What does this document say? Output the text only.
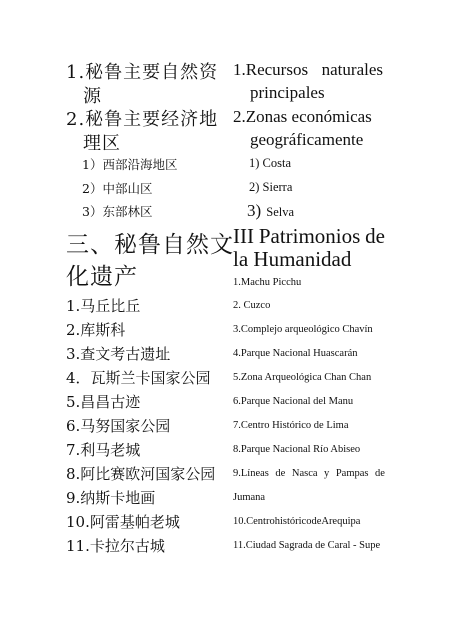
1.秘鲁主要自然资
源
2.秘鲁主要经济地
理区
1）西部沿海地区
2）中部山区
3）东部林区
三、秘鲁自然文
化遗产
1.马丘比丘
2.库斯科
3.查文考古遗址
4．瓦斯兰卡国家公园
5.昌昌古迹
6.马努国家公园
7.利马老城
8.阿比赛欧河国家公园
9.纳斯卡地画
10.阿雷基帕老城
11.卡拉尔古城
1.Recursos naturales
principales
2.Zonas económicas
geográficamente
1) Costa
2) Sierra
3) Selva
III Patrimonios de
la Humanidad
1.Machu Picchu
2. Cuzco
3.Complejo arqueológico Chavín
4.Parque Nacional Huascarán
5.Zona Arqueológica Chan Chan
6.Parque Nacional del Manu
7.Centro Histórico de Lima
8.Parque Nacional Río Abiseo
9.Líneas de Nasca y Pampas de
Jumana
10.CentrohistóricodeArequipa
11.Ciudad Sagrada de Caral - Supe
